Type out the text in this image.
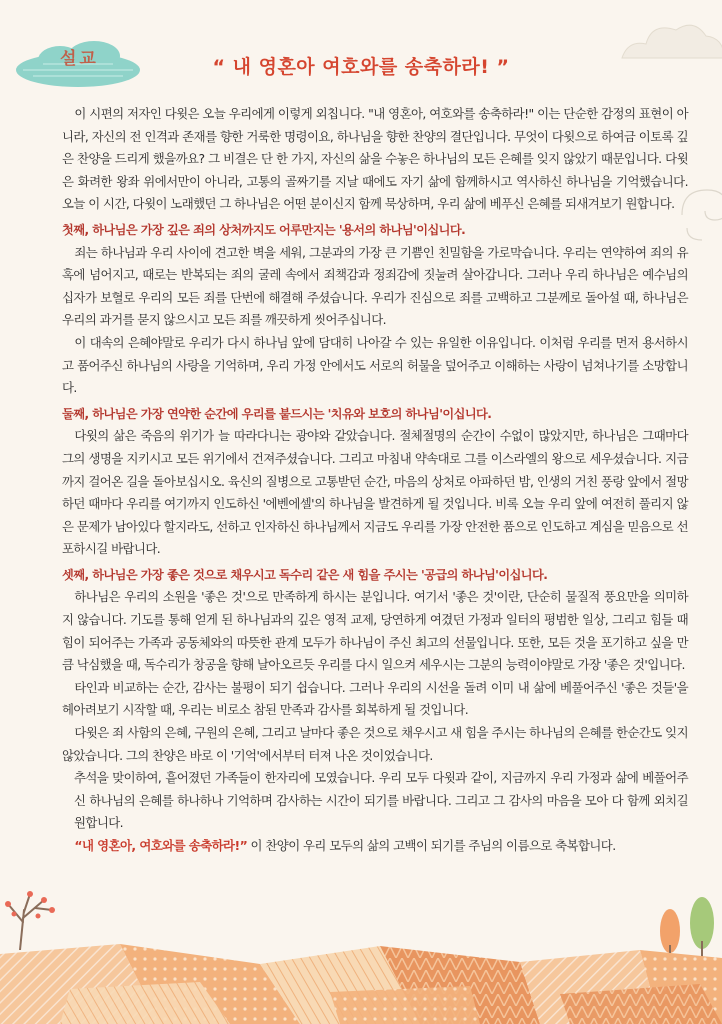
설교	“ 내 영혼아 여호와를 송축하라! ”

이 시편의 저자인 다윗은 오늘 우리에게 이렇게 외칩니다. "내 영혼아, 여호와를 송축하라!" 이는 단순한 감정의 표현이 아니라, 자신의 전 인격과 존재를 향한 거룩한 명령이요, 하나님을 향한 찬양의 결단입니다. 무엇이 다윗으로 하여금 이토록 깊은 찬양을 드리게 했을까요? 그 비결은 단 한 가지, 자신의 삶을 수놓은 하나님의 모든 은혜를 잊지 않았기 때문입니다. 다윗은 화려한 왕좌 위에서만이 아니라, 고통의 골짜기를 지날 때에도 자기 삶에 함께하시고 역사하신 하나님을 기억했습니다. 오늘 이 시간, 다윗이 노래했던 그 하나님은 어떤 분이신지 함께 묵상하며, 우리 삶에 베푸신 은혜를 되새겨보기 원합니다.

첫째, 하나님은 가장 깊은 죄의 상처까지도 어루만지는 '용서의 하나님'이십니다.

죄는 하나님과 우리 사이에 견고한 벽을 세워, 그분과의 가장 큰 기쁨인 친밀함을 가로막습니다. 우리는 연약하여 죄의 유혹에 넘어지고, 때로는 반복되는 죄의 굴레 속에서 죄책감과 정죄감에 짓눌려 살아갑니다. 그러나 우리 하나님은 예수님의 십자가 보혈로 우리의 모든 죄를 단번에 해결해 주셨습니다. 우리가 진심으로 죄를 고백하고 그분께로 돌아설 때, 하나님은 우리의 과거를 묻지 않으시고 모든 죄를 깨끗하게 씻어주십니다.

이 대속의 은혜야말로 우리가 다시 하나님 앞에 담대히 나아갈 수 있는 유일한 이유입니다. 이처럼 우리를 먼저 용서하시고 품어주신 하나님의 사랑을 기억하며, 우리 가정 안에서도 서로의 허물을 덮어주고 이해하는 사랑이 넘쳐나기를 소망합니다.

둘째, 하나님은 가장 연약한 순간에 우리를 붙드시는 '치유와 보호의 하나님'이십니다.

다윗의 삶은 죽음의 위기가 늘 따라다니는 광야와 같았습니다. 절체절명의 순간이 수없이 많았지만, 하나님은 그때마다 그의 생명을 지키시고 모든 위기에서 건져주셨습니다. 그리고 마침내 약속대로 그를 이스라엘의 왕으로 세우셨습니다. 지금까지 걸어온 길을 돌아보십시오. 육신의 질병으로 고통받던 순간, 마음의 상처로 아파하던 밤, 인생의 거친 풍랑 앞에서 절망하던 때마다 우리를 여기까지 인도하신 '에벤에셀'의 하나님을 발견하게 될 것입니다. 비록 오늘 우리 앞에 여전히 풀리지 않은 문제가 남아있다 할지라도, 선하고 인자하신 하나님께서 지금도 우리를 가장 안전한 품으로 인도하고 계심을 믿음으로 선포하시길 바랍니다.

셋째, 하나님은 가장 좋은 것으로 채우시고 독수리 같은 새 힘을 주시는 '공급의 하나님'이십니다.

하나님은 우리의 소원을 '좋은 것'으로 만족하게 하시는 분입니다. 여기서 '좋은 것'이란, 단순히 물질적 풍요만을 의미하지 않습니다. 기도를 통해 얻게 된 하나님과의 깊은 영적 교제, 당연하게 여겼던 가정과 일터의 평범한 일상, 그리고 힘들 때 힘이 되어주는 가족과 공동체와의 따뜻한 관계 모두가 하나님이 주신 최고의 선물입니다. 또한, 모든 것을 포기하고 싶을 만큼 낙심했을 때, 독수리가 창공을 향해 날아오르듯 우리를 다시 일으켜 세우시는 그분의 능력이야말로 가장 '좋은 것'입니다.

타인과 비교하는 순간, 감사는 불평이 되기 쉽습니다. 그러나 우리의 시선을 돌려 이미 내 삶에 베풀어주신 '좋은 것들'을 헤아려보기 시작할 때, 우리는 비로소 참된 만족과 감사를 회복하게 될 것입니다.

다윗은 죄 사함의 은혜, 구원의 은혜, 그리고 날마다 좋은 것으로 채우시고 새 힘을 주시는 하나님의 은혜를 한순간도 잊지 않았습니다. 그의 찬양은 바로 이 '기억'에서부터 터져 나온 것이었습니다.

추석을 맞이하여, 흩어졌던 가족들이 한자리에 모였습니다. 우리 모두 다윗과 같이, 지금까지 우리 가정과 삶에 베풀어주신 하나님의 은혜를 하나하나 기억하며 감사하는 시간이 되기를 바랍니다. 그리고 그 감사의 마음을 모아 다 함께 외치길 원합니다.

“내 영혼아, 여호와를 송축하라!” 이 찬양이 우리 모두의 삶의 고백이 되기를 주님의 이름으로 축복합니다.
